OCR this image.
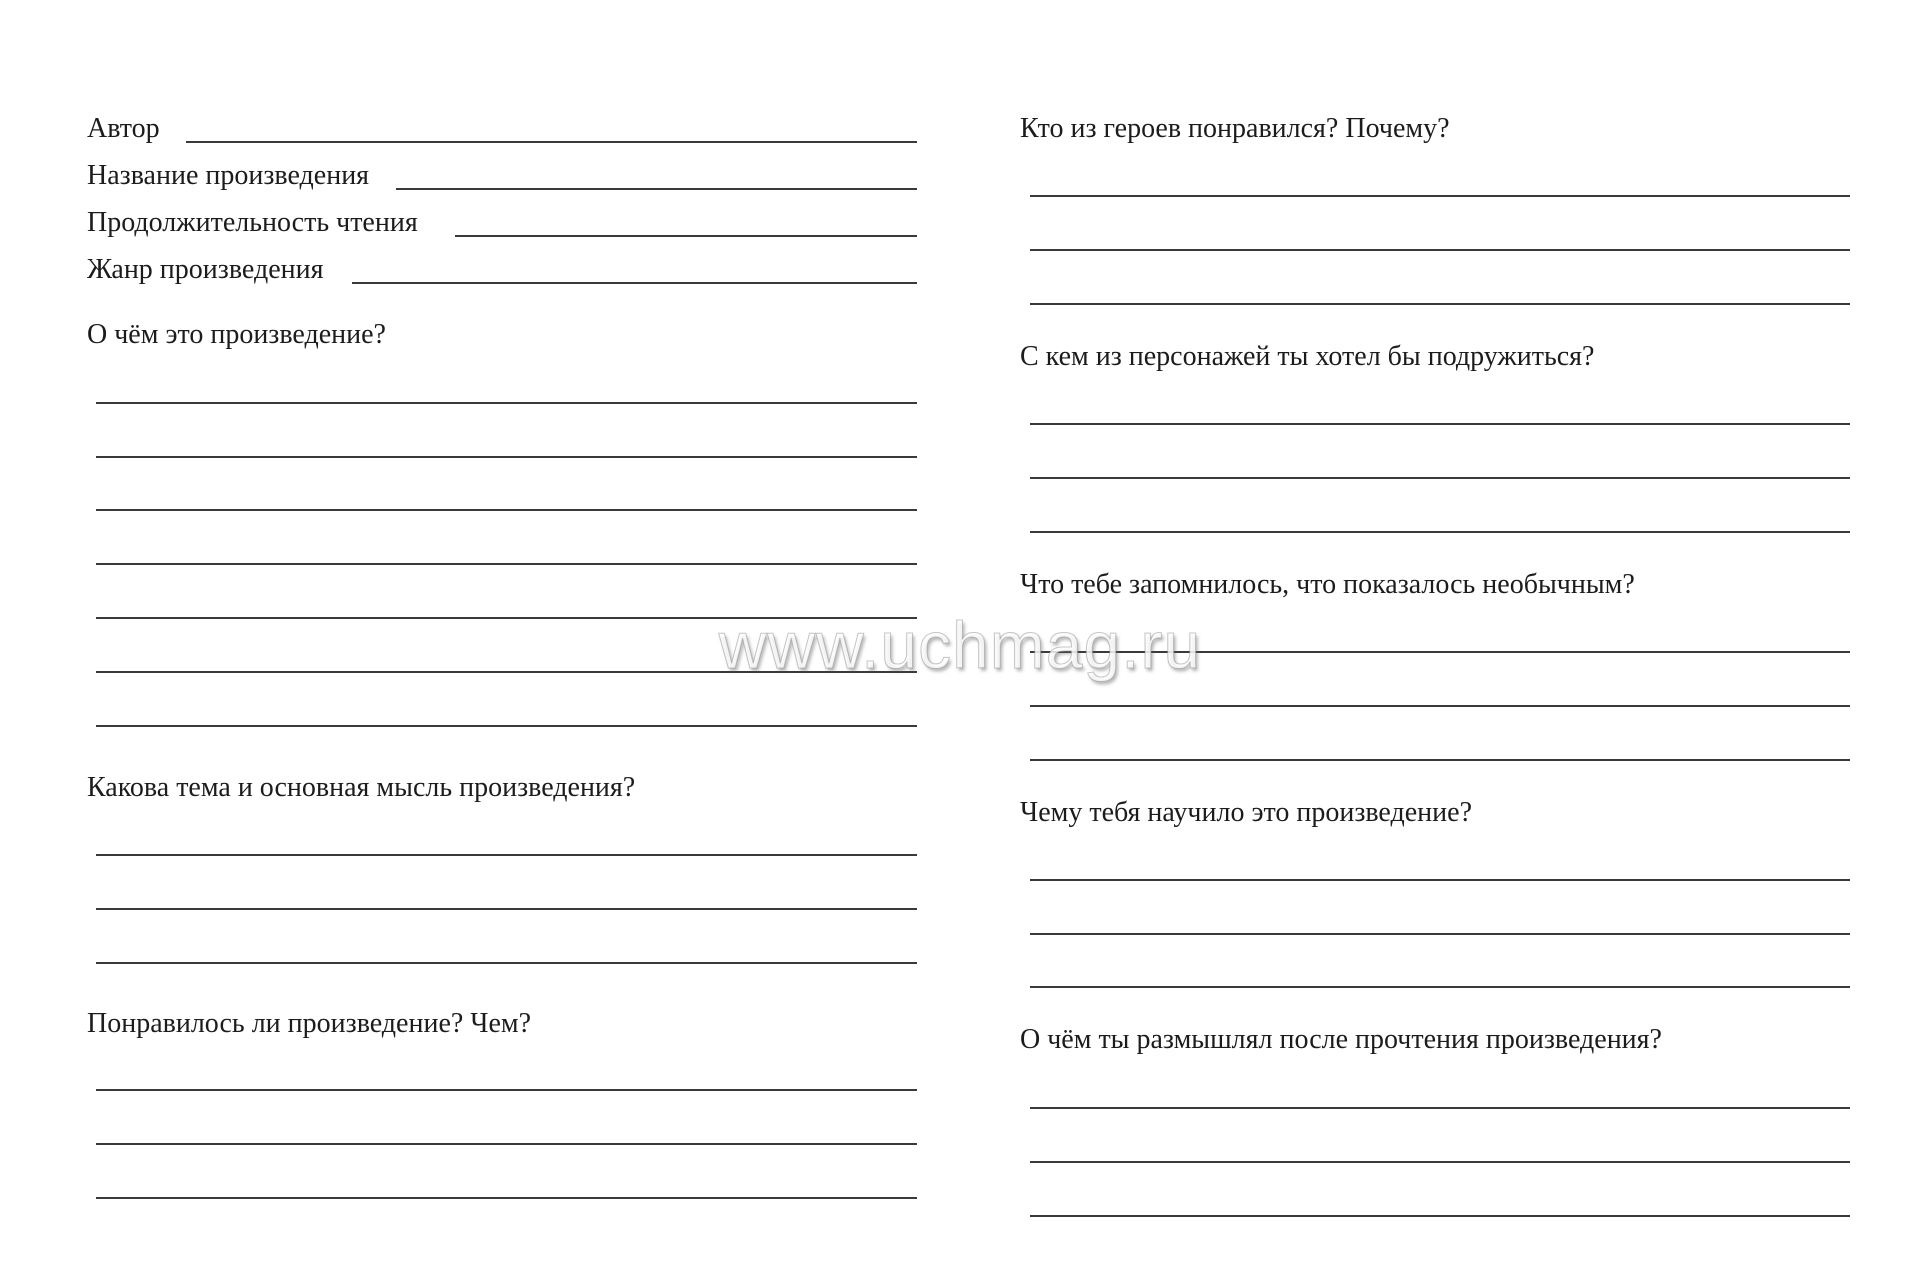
Автор
Название произведения
Продолжительность чтения
Жанр произведения
О чём это произведение?
Какова тема и основная мысль произведения?
Понравилось ли произведение? Чем?
Кто из героев понравился? Почему?
С кем из персонажей ты хотел бы подружиться?
Что тебе запомнилось, что показалось необычным?
Чему тебя научило это произведение?
О чём ты размышлял после прочтения произведения?
www.uchmag.ru
